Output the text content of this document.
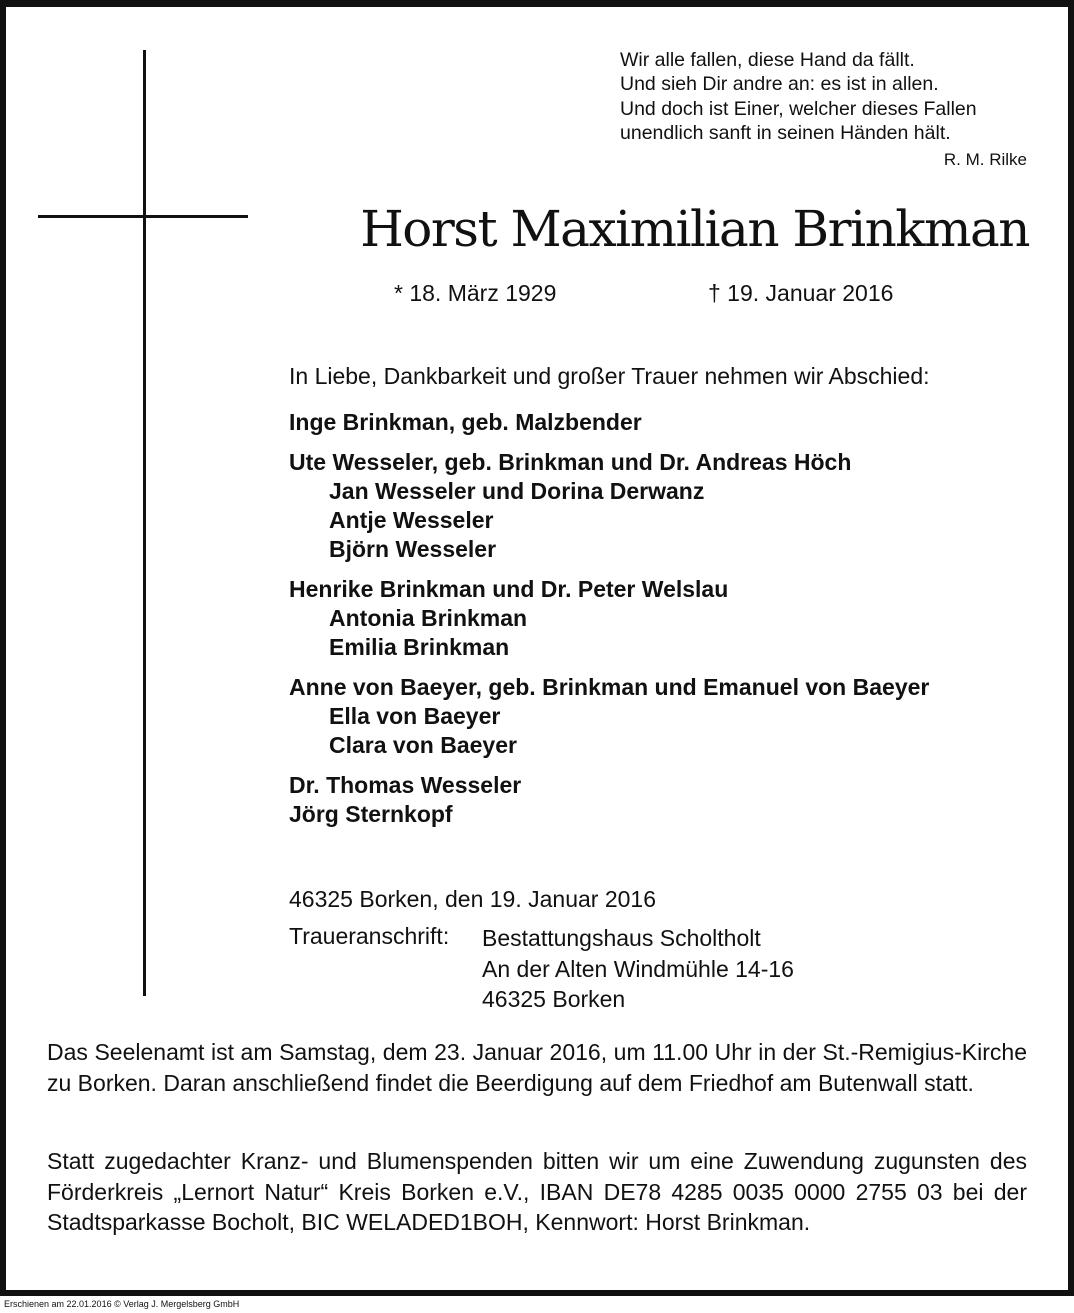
Wir alle fallen, diese Hand da fällt.
Und sieh Dir andre an: es ist in allen.
Und doch ist Einer, welcher dieses Fallen
unendlich sanft in seinen Händen hält.
R. M. Rilke
Horst Maximilian Brinkman
* 18. März 1929	† 19. Januar 2016
In Liebe, Dankbarkeit und großer Trauer nehmen wir Abschied:
Inge Brinkman, geb. Malzbender
Ute Wesseler, geb. Brinkman und Dr. Andreas Höch
Jan Wesseler und Dorina Derwanz
Antje Wesseler
Björn Wesseler
Henrike Brinkman und Dr. Peter Welslau
Antonia Brinkman
Emilia Brinkman
Anne von Baeyer, geb. Brinkman und Emanuel von Baeyer
Ella von Baeyer
Clara von Baeyer
Dr. Thomas Wesseler
Jörg Sternkopf
46325 Borken, den 19. Januar 2016
Traueranschrift: Bestattungshaus Scholtholt
An der Alten Windmühle 14-16
46325 Borken
Das Seelenamt ist am Samstag, dem 23. Januar 2016, um 11.00 Uhr in der St.-Remigius-Kirche zu Borken. Daran anschließend findet die Beerdigung auf dem Friedhof am Butenwall statt.
Statt zugedachter Kranz- und Blumenspenden bitten wir um eine Zuwendung zugunsten des Förderkreis „Lernort Natur“ Kreis Borken e.V., IBAN DE78 4285 0035 0000 2755 03 bei der Stadtsparkasse Bocholt, BIC WELADED1BOH, Kennwort: Horst Brinkman.
Erschienen am 22.01.2016 © Verlag J. Mergelsberg GmbH
